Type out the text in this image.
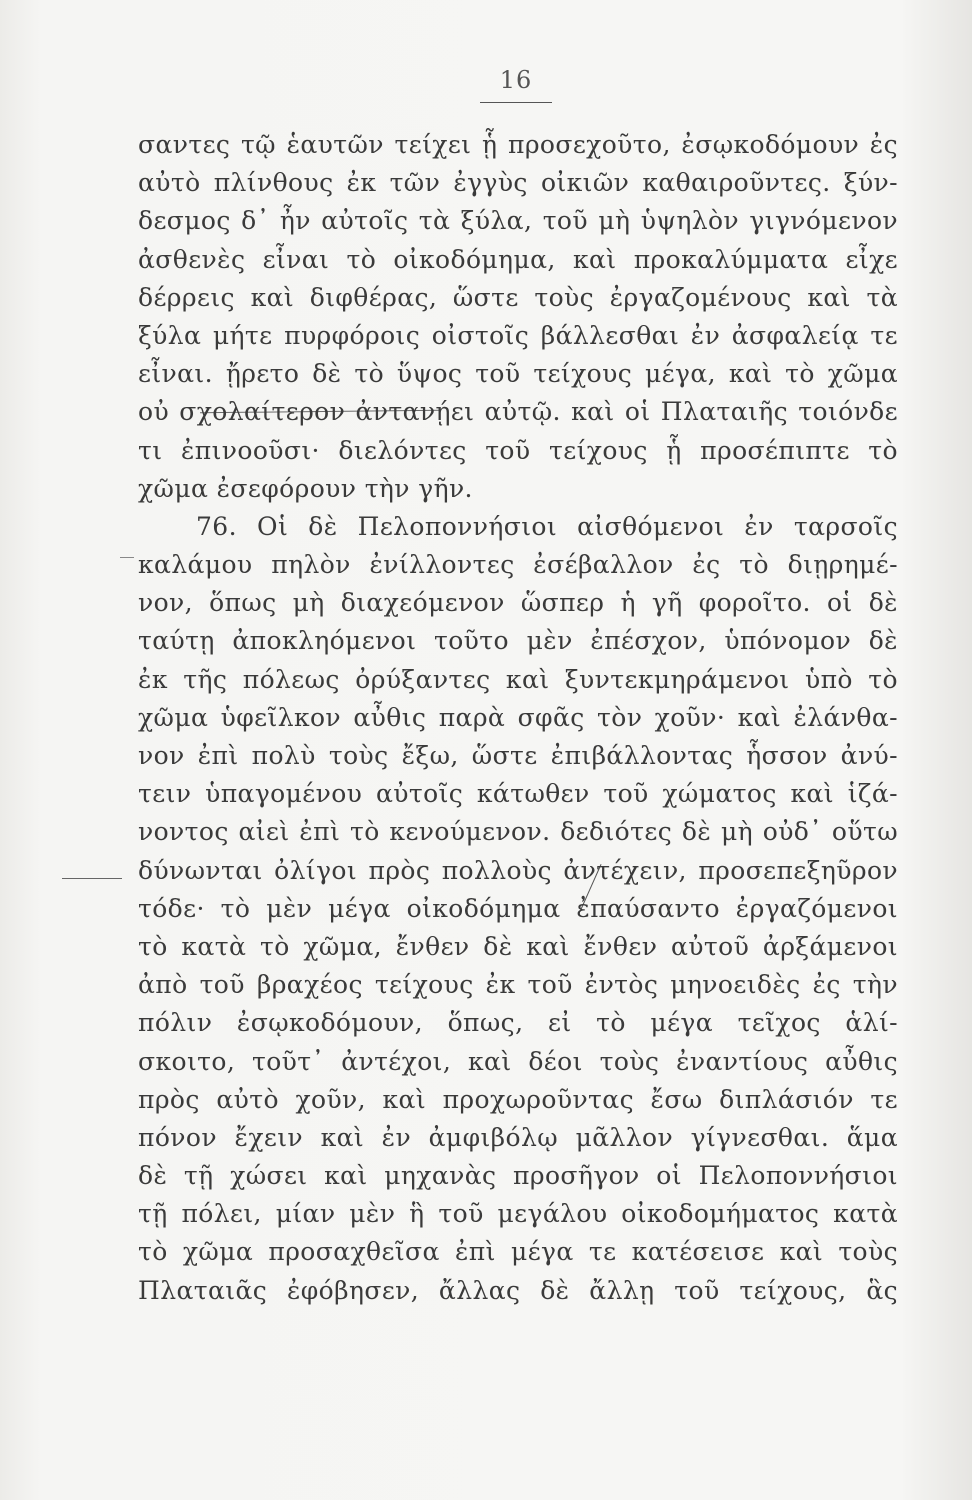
16
σαντες τῷ ἑαυτῶν τείχει ᾗ προσεχοῦτο, ἐσῳκοδόμουν ἐς
αὐτὸ πλίνθους ἐκ τῶν ἐγγὺς οἰκιῶν καθαιροῦντες. ξύν-
δεσμος δ᾽ ἦν αὐτοῖς τὰ ξύλα, τοῦ μὴ ὑψηλὸν γιγνόμενον
ἀσθενὲς εἶναι τὸ οἰκοδόμημα, καὶ προκαλύμματα εἶχε
δέρρεις καὶ διφθέρας, ὥστε τοὺς ἐργαζομένους καὶ τὰ
ξύλα μήτε πυρφόροις οἰστοῖς βάλλεσθαι ἐν ἀσφαλείᾳ τε
εἶναι. ᾔρετο δὲ τὸ ὕψος τοῦ τείχους μέγα, καὶ τὸ χῶμα
οὐ σχολαίτερον ἀντανῄει αὐτῷ. καὶ οἱ Πλαταιῆς τοιόνδε
τι ἐπινοοῦσι· διελόντες τοῦ τείχους ᾗ προσέπιπτε τὸ
χῶμα ἐσεφόρουν τὴν γῆν.
76. Οἱ δὲ Πελοποννήσιοι αἰσθόμενοι ἐν ταρσοῖς
καλάμου πηλὸν ἐνίλλοντες ἐσέβαλλον ἐς τὸ διῃρημέ-
νον, ὅπως μὴ διαχεόμενον ὥσπερ ἡ γῆ φοροῖτο. οἱ δὲ
ταύτῃ ἀποκληόμενοι τοῦτο μὲν ἐπέσχον, ὑπόνομον δὲ
ἐκ τῆς πόλεως ὀρύξαντες καὶ ξυντεκμηράμενοι ὑπὸ τὸ
χῶμα ὑφεῖλκον αὖθις παρὰ σφᾶς τὸν χοῦν· καὶ ἐλάνθα-
νον ἐπὶ πολὺ τοὺς ἔξω, ὥστε ἐπιβάλλοντας ἧσσον ἀνύ-
τειν ὑπαγομένου αὐτοῖς κάτωθεν τοῦ χώματος καὶ ἱζά-
νοντος αἰεὶ ἐπὶ τὸ κενούμενον. δεδιότες δὲ μὴ οὐδ᾽ οὕτω
δύνωνται ὀλίγοι πρὸς πολλοὺς ἀντέχειν, προσεπεξηῦρον
τόδε· τὸ μὲν μέγα οἰκοδόμημα ἐπαύσαντο ἐργαζόμενοι
τὸ κατὰ τὸ χῶμα, ἔνθεν δὲ καὶ ἔνθεν αὐτοῦ ἀρξάμενοι
ἀπὸ τοῦ βραχέος τείχους ἐκ τοῦ ἐντὸς μηνοειδὲς ἐς τὴν
πόλιν ἐσῳκοδόμουν, ὅπως, εἰ τὸ μέγα τεῖχος ἁλί-
σκοιτο, τοῦτ᾽ ἀντέχοι, καὶ δέοι τοὺς ἐναντίους αὖθις
πρὸς αὐτὸ χοῦν, καὶ προχωροῦντας ἔσω διπλάσιόν τε
πόνον ἔχειν καὶ ἐν ἀμφιβόλῳ μᾶλλον γίγνεσθαι. ἅμα
δὲ τῇ χώσει καὶ μηχανὰς προσῆγον οἱ Πελοποννήσιοι
τῇ πόλει, μίαν μὲν ἣ τοῦ μεγάλου οἰκοδομήματος κατὰ
τὸ χῶμα προσαχθεῖσα ἐπὶ μέγα τε κατέσεισε καὶ τοὺς
Πλαταιᾶς ἐφόβησεν, ἄλλας δὲ ἄλλῃ τοῦ τείχους, ἃς
